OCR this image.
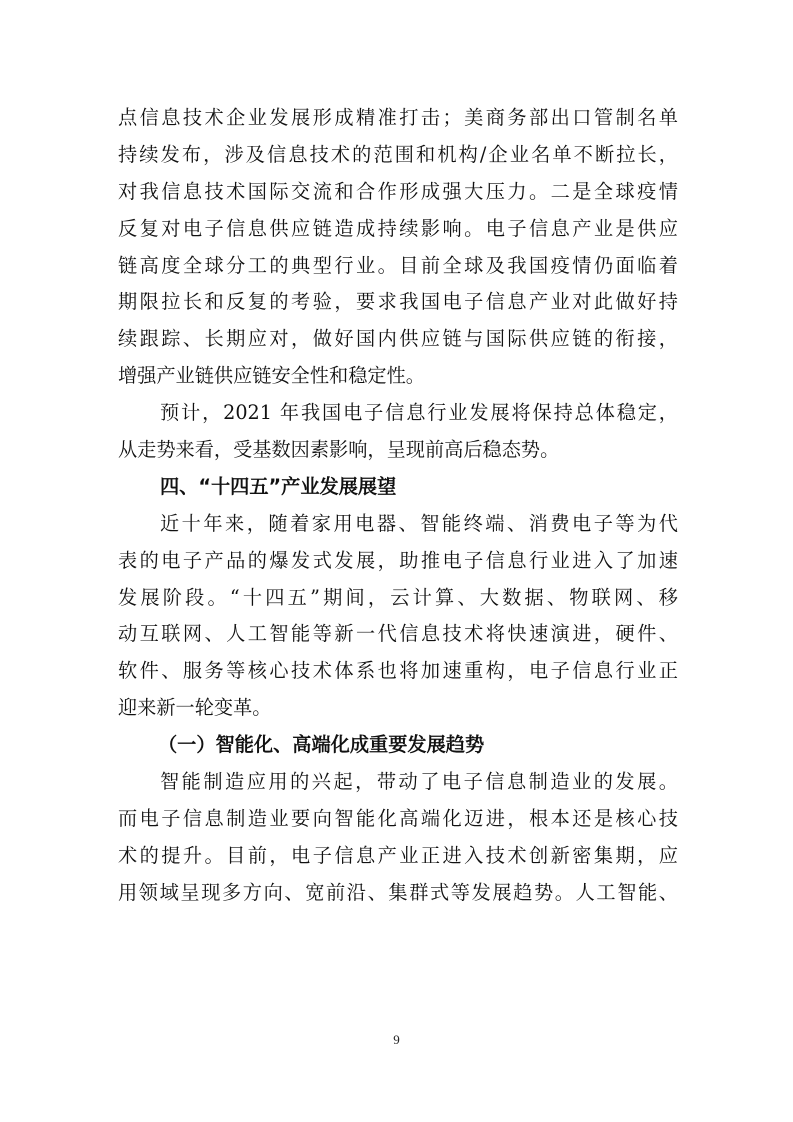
点信息技术企业发展形成精准打击；美商务部出口管制名单
持续发布，涉及信息技术的范围和机构/企业名单不断拉长，
对我信息技术国际交流和合作形成强大压力。二是全球疫情
反复对电子信息供应链造成持续影响。电子信息产业是供应
链高度全球分工的典型行业。目前全球及我国疫情仍面临着
期限拉长和反复的考验，要求我国电子信息产业对此做好持
续跟踪、长期应对，做好国内供应链与国际供应链的衔接，
增强产业链供应链安全性和稳定性。
预计，2021 年我国电子信息行业发展将保持总体稳定，
从走势来看，受基数因素影响，呈现前高后稳态势。
四、“十四五”产业发展展望
近十年来，随着家用电器、智能终端、消费电子等为代
表的电子产品的爆发式发展，助推电子信息行业进入了加速
发展阶段。“十四五”期间，云计算、大数据、物联网、移
动互联网、人工智能等新一代信息技术将快速演进，硬件、
软件、服务等核心技术体系也将加速重构，电子信息行业正
迎来新一轮变革。
（一）智能化、高端化成重要发展趋势
智能制造应用的兴起，带动了电子信息制造业的发展。
而电子信息制造业要向智能化高端化迈进，根本还是核心技
术的提升。目前，电子信息产业正进入技术创新密集期，应
用领域呈现多方向、宽前沿、集群式等发展趋势。人工智能、
9
